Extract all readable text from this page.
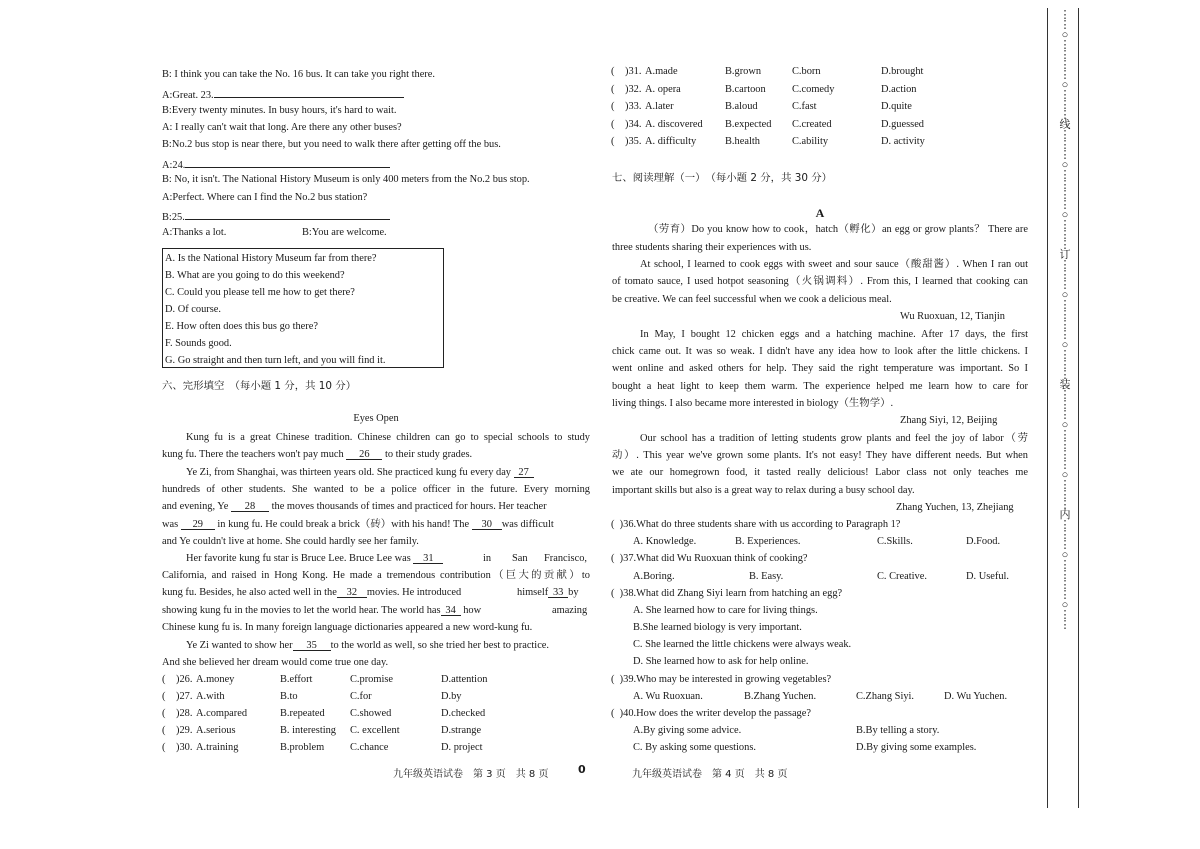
B: I think you can take the No. 16 bus. It can take you right there.
A:Great. 23.
B:Every twenty minutes. In busy hours, it's hard to wait.
A: I really can't wait that long. Are there any other buses?
B:No.2 bus stop is near there, but you need to walk there after getting off the bus.
A:24.
B: No, it isn't. The National History Museum is only 400 meters from the No.2 bus stop.
A:Perfect. Where can I find the No.2 bus station?
B:25.
A:Thanks a lot.	B:You are welcome.
A. Is the National History Museum far from there?
B. What are you going to do this weekend?
C. Could you please tell me how to get there?
D. Of course.
E. How often does this bus go there?
F. Sounds good.
G. Go straight and then turn left, and you will find it.
六、完形填空　（每小题 1 分，共 10 分）
Eyes Open
Kung fu is a great Chinese tradition. Chinese children can go to special schools to study
kung fu. There the teachers won't pay much 26 to their study grades.
Ye Zi, from Shanghai, was thirteen years old. She practiced kung fu every day 27
hundreds of other students. She wanted to be a police officer in the future. Every morning
and evening, Ye 28 the moves thousands of times and practiced for hours. Her teacher
was 29 in kung fu. He could break a brick（砖）with his hand! The 30 was difficult
and Ye couldn't live at home. She could hardly see her family.
Her favorite kung fu star is Bruce Lee. Bruce Lee was 31	in San Francisco,
California, and raised in Hong Kong. He made a tremendous contribution（巨大的贡献）to
kung fu. Besides, he also acted well in the 32 movies. He introduced	himself 33 by
showing kung fu in the movies to let the world hear. The world has 34 how	amazing
Chinese kung fu is. In many foreign language dictionaries appeared a new word-kung fu.
Ye Zi wanted to show her 35 to the world as well, so she tried her best to practice.
And she believed her dream would come true one day.
( )26. A.money	B.effort	C.promise	D.attention
( )27. A.with	B.to	C.for	D.by
( )28. A.compared	B.repeated C.showed	D.checked
( )29. A.serious	B. interesting C. excellent	D.strange
( )30. A.training	B.problem C.chance	D. project
九年级英语试卷　第 3 页　共 8 页	0
( )31. A.made	B.grown	C.born	D.brought
( )32. A. opera	B.cartoon	C.comedy	D.action
( )33. A.later	B.aloud	C.fast	D.quite
( )34. A. discovered B.expected C.created	D.guessed
( )35. A. difficulty	B.health	C.ability	D. activity
七、阅读理解（一）　（每小题 2 分，共 30 分）
A
（劳育）Do you know how to cook，hatch（孵化）an egg or grow plants？ There are
three students sharing their experiences with us.
At school, I learned to cook eggs with sweet and sour sauce（酸甜酱）. When I ran out
of tomato sauce, I used hotpot seasoning（火锅调料）. From this, I learned that cooking can
be creative. We can feel successful when we cook a delicious meal.
Wu Ruoxuan, 12, Tianjin
In May, I bought 12 chicken eggs and a hatching machine. After 17 days, the first
chick came out. It was so weak. I didn't have any idea how to look after the little chickens. I
went online and asked others for help. They said the right temperature was important. So I
bought a heat light to keep them warm. The experience helped me learn how to care for
living things. I also became more interested in biology（生物学）.
Zhang Siyi, 12, Beijing
Our school has a tradition of letting students grow plants and feel the joy of labor（劳
动）. This year we've grown some plants. It's not easy! They have different needs. But when
we ate our homegrown food, it tasted really delicious! Labor class not only teaches me
important skills but also is a great way to relax during a busy school day.
Zhang Yuchen, 13, Zhejiang
( )36.What do three students share with us according to Paragraph 1?
A. Knowledge.	B. Experiences.	C.Skills.	D.Food.
( )37.What did Wu Ruoxuan think of cooking?
A.Boring.	B. Easy.	C. Creative.	D. Useful.
( )38.What did Zhang Siyi learn from hatching an egg?
A. She learned how to care for living things.
B.She learned biology is very important.
C. She learned the little chickens were always weak.
D. She learned how to ask for help online.
( )39.Who may be interested in growing vegetables?
A. Wu Ruoxuan.	B.Zhang Yuchen.	C.Zhang Siyi.	D. Wu Yuchen.
( )40.How does the writer develop the passage?
A.By giving some advice.	B.By telling a story.
C. By asking some questions.	D.By giving some examples.
九年级英语试卷　第 4 页　共 8 页
⋮
⋮
○
⋮
⋮
⋮
⋮
○
⋮
⋮
⋮
线
⋮
⋮
⋮
○
⋮
⋮
⋮
⋮
○
⋮
⋮
⋮
订
⋮
⋮
⋮
○
⋮
⋮
⋮
⋮
○
⋮
⋮
⋮
装
⋮
⋮
⋮
○
⋮
⋮
⋮
⋮
○
⋮
⋮
⋮
内
⋮
⋮
⋮
○
⋮
⋮
⋮
⋮
○
⋮
⋮
